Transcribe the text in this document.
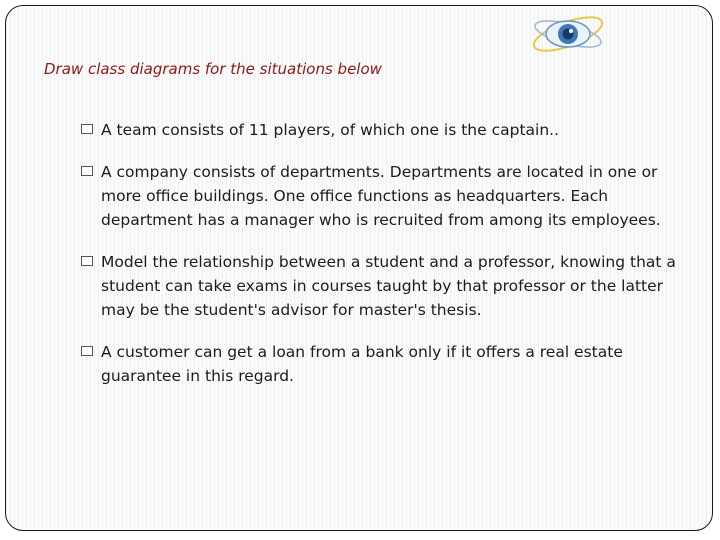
Draw class diagrams for the situations below
A team consists of 11 players, of which one is the captain..
A company consists of departments. Departments are located in one or more office buildings. One office functions as headquarters. Each department has a manager who is recruited from among its employees.
Model the relationship between a student and a professor, knowing that a student can take exams in courses taught by that professor or the latter may be the student's advisor for master's thesis.
A customer can get a loan from a bank only if it offers a real estate guarantee in this regard.
